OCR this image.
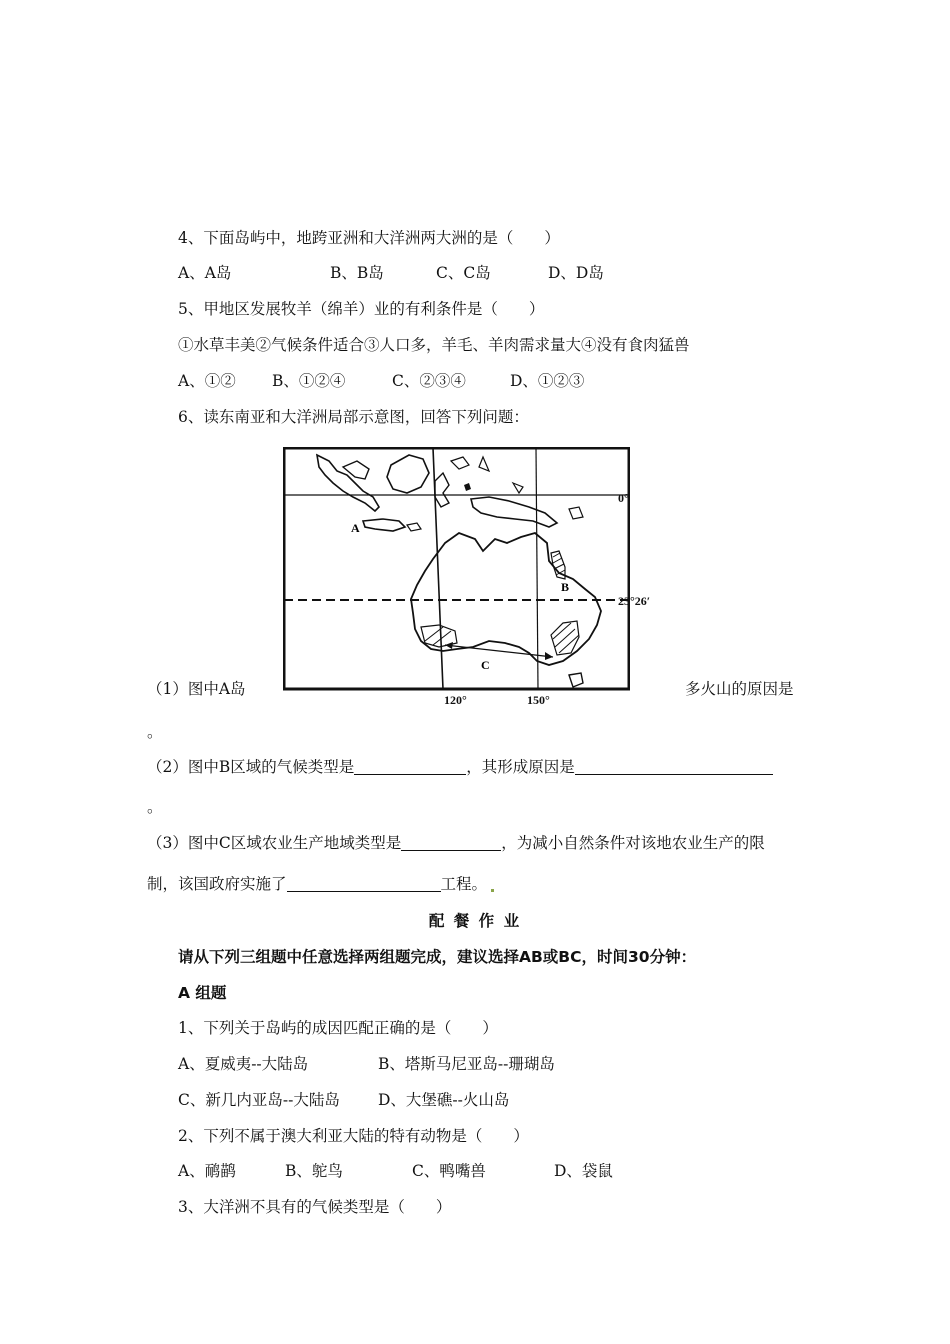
4、下面岛屿中，地跨亚洲和大洋洲两大洲的是（　　）
A、A岛	B、B岛	C、C岛	D、D岛
5、甲地区发展牧羊（绵羊）业的有利条件是（　　）
①水草丰美②气候条件适合③人口多，羊毛、羊肉需求量大④没有食肉猛兽
A、①② B、①②④	C、②③④	D、①②③
6、读东南亚和大洋洲局部示意图，回答下列问题：
A
B
C
0°
23°26′
120°	150°
（1）图中A岛	多火山的原因是
。
（2）图中B区域的气候类型是	，其形成原因是
。
（3）图中C区域农业生产地域类型是	，为减小自然条件对该地农业生产的限
制，该国政府实施了	工程。
配 餐 作 业
请从下列三组题中任意选择两组题完成，建议选择AB或BC，时间30分钟：
A 组题
1、下列关于岛屿的成因匹配正确的是（　　）
A、夏威夷--大陆岛	B、塔斯马尼亚岛--珊瑚岛
C、新几内亚岛--大陆岛 D、大堡礁--火山岛
2、下列不属于澳大利亚大陆的特有动物是（　　）
A、鸸鹋	B、鸵鸟	C、鸭嘴兽	D、袋鼠
3、大洋洲不具有的气候类型是（　　）
